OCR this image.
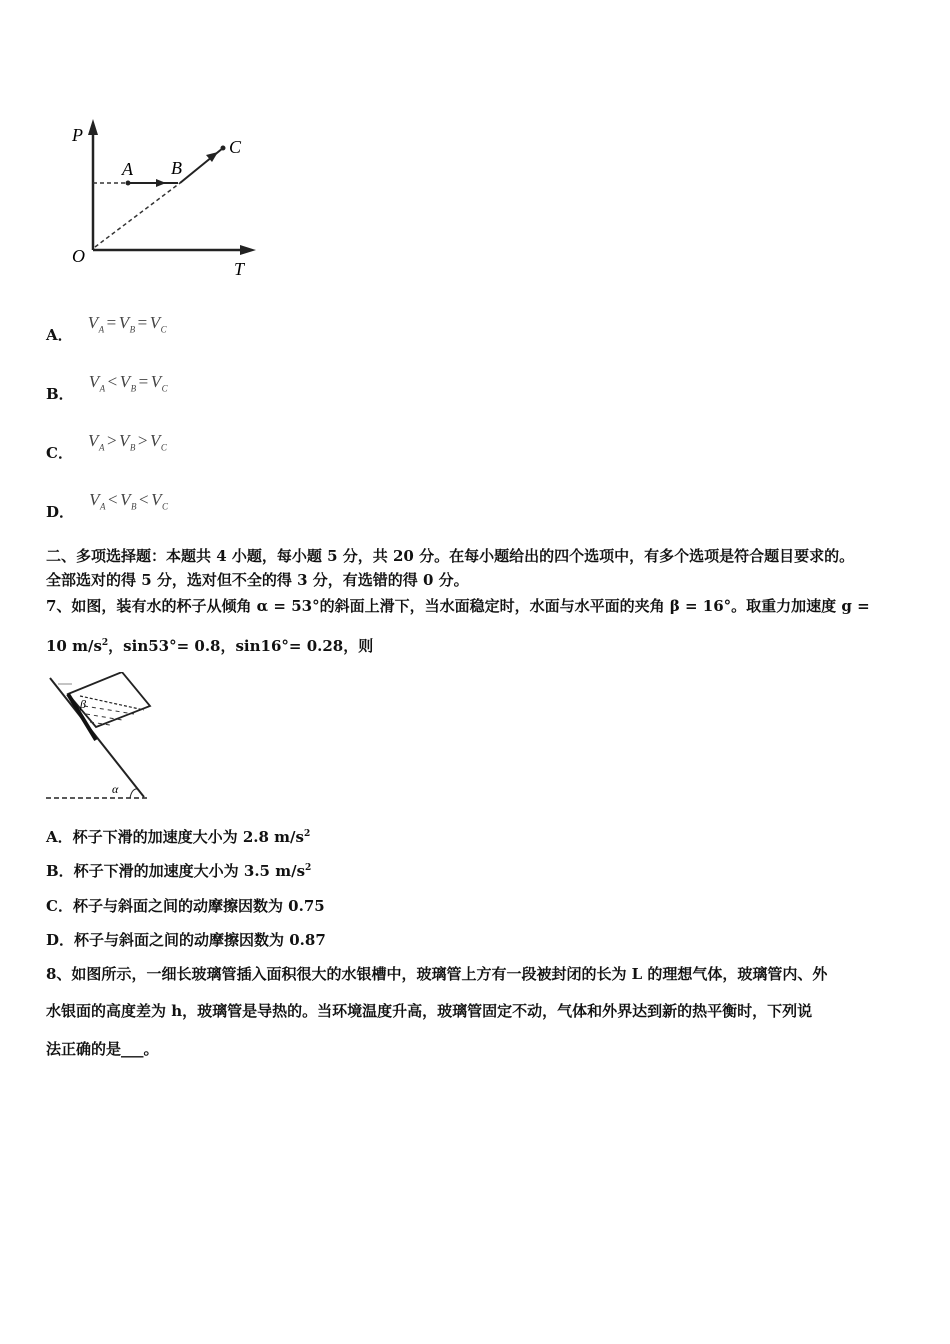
P
T
O
A B
C
A． $V_A = V_B = V_C$
B． $V_A < V_B = V_C$
C． $V_A > V_B > V_C$
D． $V_A < V_B < V_C$
二、多项选择题：本题共 4 小题，每小题 5 分，共 20 分。在每小题给出的四个选项中，有多个选项是符合题目要求的。
全部选对的得 5 分，选对但不全的得 3 分，有选错的得 0 分。
7、如图，装有水的杯子从倾角 α = 53°的斜面上滑下，当水面稳定时，水面与水平面的夹角 β = 16°。取重力加速度 g =
10 $m/s^2$，sin53°= 0.8，sin16°= 0.28，则
β
α
A．杯子下滑的加速度大小为 2.8 $m/s^2$
B．杯子下滑的加速度大小为 3.5 $m/s^2$
C．杯子与斜面之间的动摩擦因数为 0.75
D．杯子与斜面之间的动摩擦因数为 0.87
8、如图所示，一细长玻璃管插入面积很大的水银槽中，玻璃管上方有一段被封闭的长为 L 的理想气体，玻璃管内、外
水银面的高度差为 h，玻璃管是导热的。当环境温度升高，玻璃管固定不动，气体和外界达到新的热平衡时，下列说
法正确的是___。
